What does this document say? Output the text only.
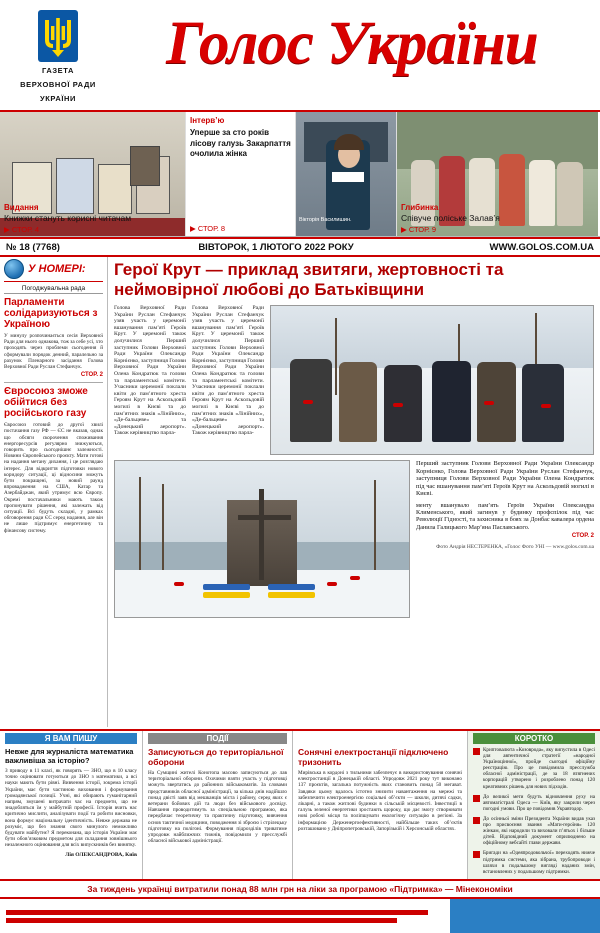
ГАЗЕТА
ВЕРХОВНОЇ РАДИ
УКРАЇНИ
Голос України

Видання

Книжки стануть корисні читачам

▶ СТОР. 4
Інтерв’ю
Уперше за сто років лісову галузь Закарпаття очолила жінка
▶ СТОР. 8
Вікторія Василишин.

Глибинка

Співуче поліське Залав’я

▶ СТОР. 9
№ 18 (7768)	ВІВТОРОК, 1 ЛЮТОГО 2022 РОКУ	WWW.GOLOS.COM.UA
У НОМЕРІ:
Погоджувальна рада
Парламенти солідаризуються з Україною
У минулу розпочинається сесія Верховної Ради для нього однакова, тож за себе усі, хто проходять через проблеми сьогодення й сформували порядок денний, паралельно за рахунок Пленарного засідання Голова Верховної Ради Руслан Стефанчук.
СТОР. 2
Євросоюз зможе обійтися без російського газу
Євросоюз готовий до другої хвилі постачання газу РФ — ЄС не вказав, однак що обсяги скорочення споживання енергоресурсів регулярно знижуються, говорить про сьогоднішнє залежності. Новини Європейського проєкту. Мати готові на надання метану дихання, і це розглядаю інтерес. Для відкриття підготовки нового коридору ситуації, ці відносини можуть бути покращені, за новий раунд впровадження на США, Катар та Азербайджан, який утримує всю Європу. Окремі постачальники мають також пропонувати рішення, які залежать від ситуації. Всі будуть складні, у рамках обговорення ради ЄС серед надання, але він не лише підтримує енергетичну та фінансову систему.
Герої Крут — приклад звитяги, жертовності та неймовірної любові до Батьківщини

Голова Верховної Ради України Руслан Стефанчук узяв участь у церемонії вшанування пам’яті Героїв Крут. У церемонії також долучилися Перший заступник Голови Верховної Ради України Олександр Корнієнко, заступниця Голови Верховної Ради України Олена Кондратюк та голови та парламентські комітети. Учасники церемонії поклали квіти до пам’ятного хреста Героям Крут на Аскольдовій могилі в Києві та до пам’ятних знаків «Лінійних», «Де-бальцеве» та «Донецький аеропорт». Також керівництво парла-

Голова Верховної Ради України Руслан Стефанчук узяв участь у церемонії вшанування пам’яті Героїв Крут. У церемонії також долучилися Перший заступник Голови Верховної Ради України Олександр Корнієнко, заступниця Голови Верховної Ради України Олена Кондратюк та голови та парламентські комітети. Учасники церемонії поклали квіти до пам’ятного хреста Героям Крут на Аскольдовій могилі в Києві та до пам’ятних знаків «Лінійних», «Де-бальцеве» та «Донецький аеропорт». Також керівництво парла-

Перший заступник Голови Верховної Ради України Олександр Корнієнко, Голова Верховної Ради України Руслан Стефанчук, заступниця Голови Верховної Ради України Олена Кондратюк під час вшанування пам’яті Героїв Крут на Аскольдовій могилі в Києві.
менту вшанувало пам’ять Героїв України Олександра Клименського, який загинув у будинку профспілок під час Революції Гідності, та захисника в боях за Донбас кавалера ордена Данила Галицького Мар’яна Паславського.
СТОР. 2
Фото Андрія НЕСТЕРЕНКА, «Голос Фото УНІ — www.golos.com.ua
Я ВАМ ПИШУ
Невже для журналіста математика важливіша за історію?
З приводу в 11 класі, як говорять — ЗНО, що в 10 класу точно оцінювати готуються до ЗНО з математики, а всі науки мають бути рівні. Вивчення історії, зокрема історії України, має бути частиною виховання і формування громадянської позиції. Учні, які обирають гуманітарний напрям, змушені витрачати час на предмети, що не знадобляться їм у майбутній професії. Історія вчить нас критично мислити, аналізувати події та робити висновки, вона формує національну ідентичність. Невже держава не розуміє, що без знання свого минулого неможливо будувати майбутнє? Я переконана, що історія України має бути обов’язковим предметом для складання зовнішнього незалежного оцінювання для всіх випускників без винятку.
Лія ОЛЕКСАНДРОВА, Київ
ПОДІЇ
Записуються до територіальної оборони
На Сумщині жителі Конотопа масово записуються до лав територіальної оборони. Охочими взяти участь у підготовці можуть звертатись до районних військкоматів. За словами представників обласної адміністрації, за кілька днів надійшло понад двісті заяв від мешканців міста і району, серед яких є ветерани бойових дій та люди без військового досвіду. Навчання проводитимуть за спеціальною програмою, яка передбачає теоретичну та практичну підготовку, вивчення основ тактичної медицини, поводження зі зброєю і стрілецьку підготовку на полігоні. Формування підрозділів триватиме упродовж найближчих тижнів, повідомили у пресслужбі обласної військової адміністрації.
Сонячні електростанції підключено тризонить
Мирівська в кордоні з тильними забезпечує в використовування сонячні електростанції в Донецькій області. Упродовж 2021 року тут виконано 137 проєктів, загальна потужність яких становить понад 50 мегават. Завдяки цьому вдалось істотно знизити навантаження на мережі та забезпечити електроенергією соціальні об’єкти — школи, дитячі садки, лікарні, а також житлові будинки в сільській місцевості. Інвестиції в галузь зеленої енергетики зростають щороку, що дає змогу створювати нові робочі місця та поліпшувати екологічну ситуацію в регіоні. За інформацією Держенергоефективності, найбільше таких об’єктів розташовано у Дніпропетровській, Запорізькій і Херсонській областях.
КОРОТКО
Криптовалюта «Козоврода», яку випустила в Одесі для автентичної стратегії «народної Україноцінної», пройде сьогодні офіційну реєстрацію. Про це повідомила пресслужба обласної адміністрації, де за 18 втягнених корпорацій утворено і розроблено понад 120 креативних рішень для нових підходів.
До великої мети будуть відновлення руху на автомагістралі Одеса — Київ, яку закрили через погодні умови. Про це повідомив Укравтодор.
До осінньої зміни Президента України видав указ про присвоєння звання «Мати-героїня» 120 жінкам, які народили та виховали п’ятьох і більше дітей. Відповідний документ оприлюднено на офіційному вебсайті глави держави.
Бригади на «Одеяпродовольчої» переходять нижче підтримка системи, яка зібрана, трубопроводи і шляхи в подальшому вигляді наданих змін, встановлених у подальшому підтримки.
За тиждень українці витратили понад 88 млн грн на ліки за програмою «Підтримка» — Мінекономіки
